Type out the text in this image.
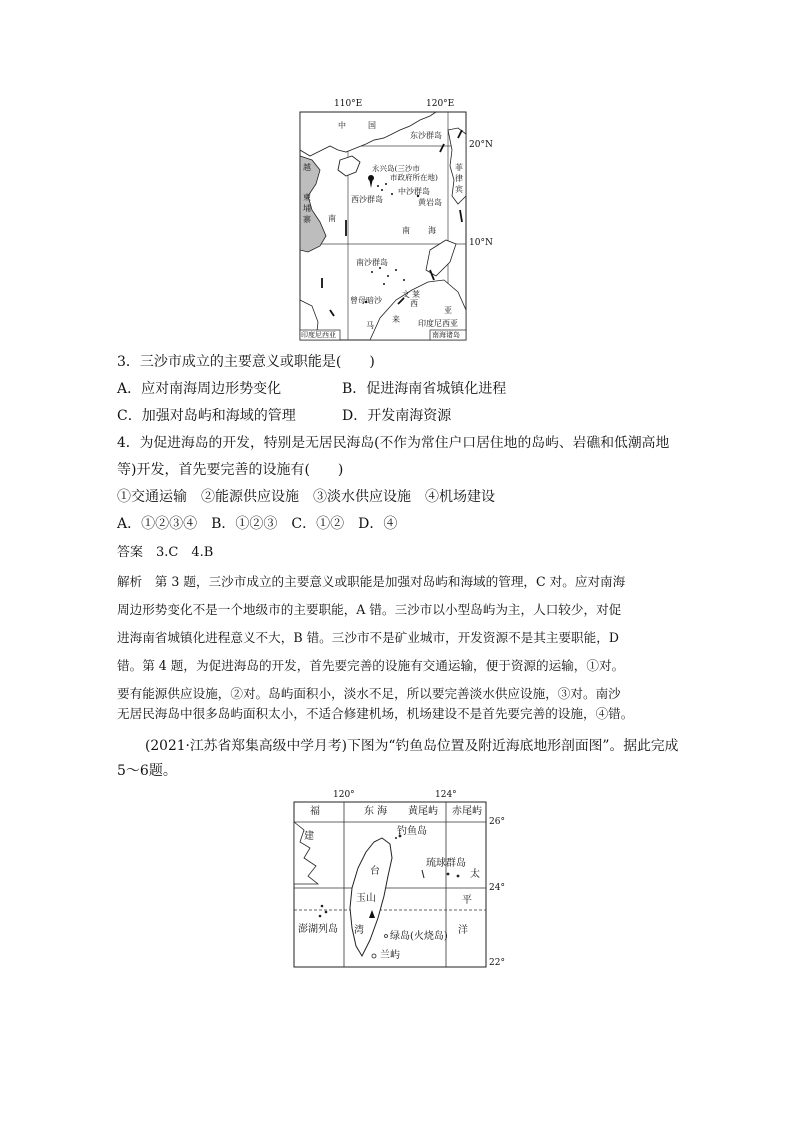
110°E	120°E
20°N
10°N
中	国
东沙群岛
越	永兴岛(三沙市
市政府所在地)
中沙群岛
西沙群岛	黄岩岛
菲
律
宾
柬
埔
寨 南
南 海
南沙群岛
曾母暗沙
文 莱
西
亚
马
来 印度尼西亚
印度尼西亚	南海诸岛
3．三沙市成立的主要意义或职能是(　　)
A．应对南海周边形势变化	B．促进海南省城镇化进程
C．加强对岛屿和海域的管理	D．开发南海资源
4．为促进海岛的开发，特别是无居民海岛(不作为常住户口居住地的岛屿、岩礁和低潮高地
等)开发，首先要完善的设施有(　　)
①交通运输　②能源供应设施　③淡水供应设施　④机场建设
A．①②③④　B．①②③　C．①②　D．④
答案　 3.C　4.B
解析　 第 3 题，三沙市成立的主要意义或职能是加强对岛屿和海域的管理，C 对。应对南海
周边形势变化不是一个地级市的主要职能，A 错。三沙市以小型岛屿为主，人口较少，对促
进海南省城镇化进程意义不大，B 错。三沙市不是矿业城市，开发资源不是其主要职能，D
错。第 4 题，为促进海岛的开发，首先要完善的设施有交通运输，便于资源的运输，①对。
要有能源供应设施，②对。岛屿面积小，淡水不足，所以要完善淡水供应设施，③对。南沙
无居民海岛中很多岛屿面积太小，不适合修建机场，机场建设不是首先要完善的设施，④错。
(2021·江苏省郑集高级中学月考)下图为“钓鱼岛位置及附近海底地形剖面图”。据此完成
5～6题。
120°	124°
26°
24°
22°
福	东 海 黄尾屿 赤尾屿
建	钓鱼岛
台
琉球群岛
太
玉山	平
澎湖列岛 湾
绿岛(火烧岛)
洋
兰屿
